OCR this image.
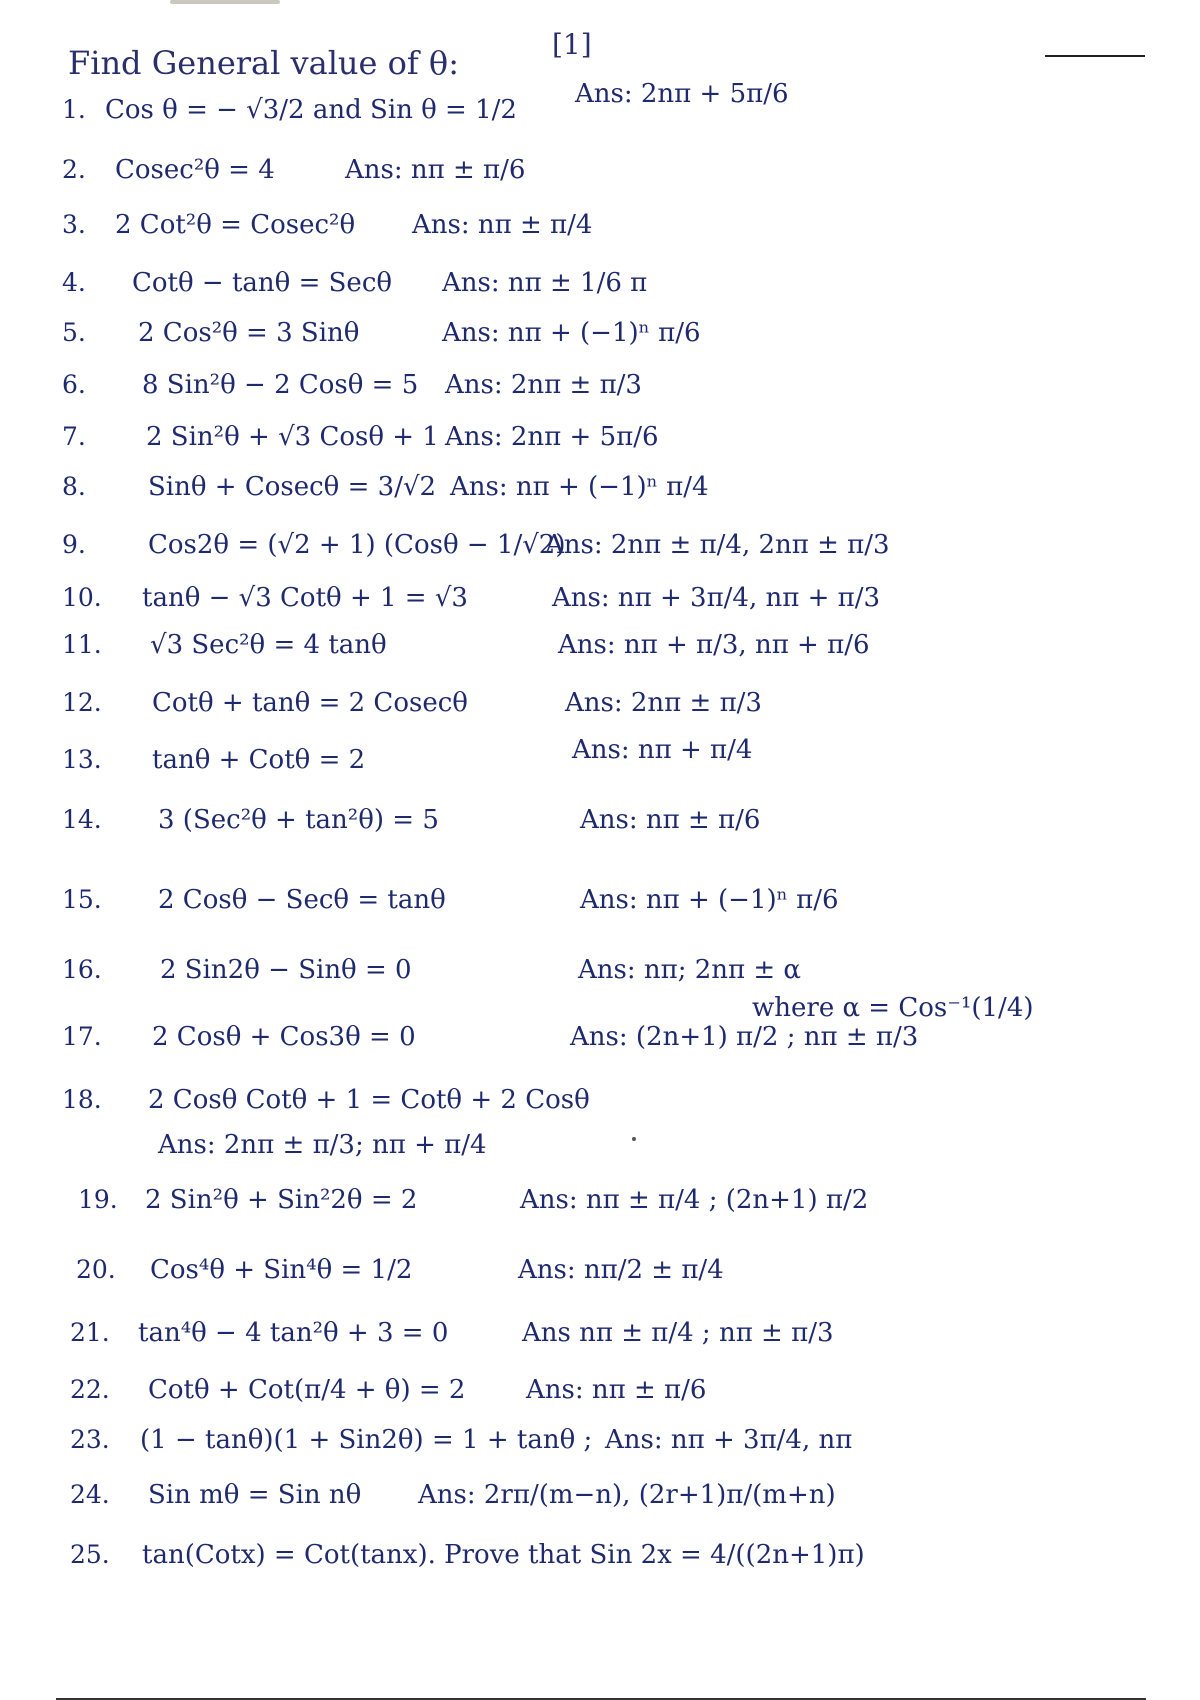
Find General value of θ:	[1]
1. Cos θ = − √3/2 and Sin θ = 1/2
Ans: 2nπ + 5π/6
2. Cosec²θ = 4	Ans: nπ ± π/6
3. 2 Cot²θ = Cosec²θ Ans: nπ ± π/4
4. Cotθ − tanθ = Secθ Ans: nπ ± 1/6 π
5. 2 Cos²θ = 3 Sinθ	Ans: nπ + (−1)ⁿ π/6
6. 8 Sin²θ − 2 Cosθ = 5 Ans: 2nπ ± π/3
7. 2 Sin²θ + √3 Cosθ + 1 Ans: 2nπ + 5π/6
8. Sinθ + Cosecθ = 3/√2 Ans: nπ + (−1)ⁿ π/4
9. Cos2θ = (√2 + 1) (Cosθ − 1/√2)
Ans: 2nπ ± π/4, 2nπ ± π/3
10. tanθ − √3 Cotθ + 1 = √3	Ans: nπ + 3π/4, nπ + π/3
11. √3 Sec²θ = 4 tanθ	Ans: nπ + π/3, nπ + π/6
12. Cotθ + tanθ = 2 Cosecθ	Ans: 2nπ ± π/3
13. tanθ + Cotθ = 2	Ans: nπ + π/4
14. 3 (Sec²θ + tan²θ) = 5	Ans: nπ ± π/6
15. 2 Cosθ − Secθ = tanθ	Ans: nπ + (−1)ⁿ π/6
16. 2 Sin2θ − Sinθ = 0	Ans: nπ; 2nπ ± α
where α = Cos⁻¹(1/4)
17. 2 Cosθ + Cos3θ = 0	Ans: (2n+1) π/2 ; nπ ± π/3
18. 2 Cosθ Cotθ + 1 = Cotθ + 2 Cosθ
Ans: 2nπ ± π/3; nπ + π/4
19. 2 Sin²θ + Sin²2θ = 2	Ans: nπ ± π/4 ; (2n+1) π/2
20. Cos⁴θ + Sin⁴θ = 1/2	Ans: nπ/2 ± π/4
21. tan⁴θ − 4 tan²θ + 3 = 0	Ans nπ ± π/4 ; nπ ± π/3
22. Cotθ + Cot(π/4 + θ) = 2 Ans: nπ ± π/6
23. (1 − tanθ)(1 + Sin2θ) = 1 + tanθ ; Ans: nπ + 3π/4, nπ
24. Sin mθ = Sin nθ Ans: 2rπ/(m−n), (2r+1)π/(m+n)
25. tan(Cotx) = Cot(tanx). Prove that Sin 2x = 4/((2n+1)π)
